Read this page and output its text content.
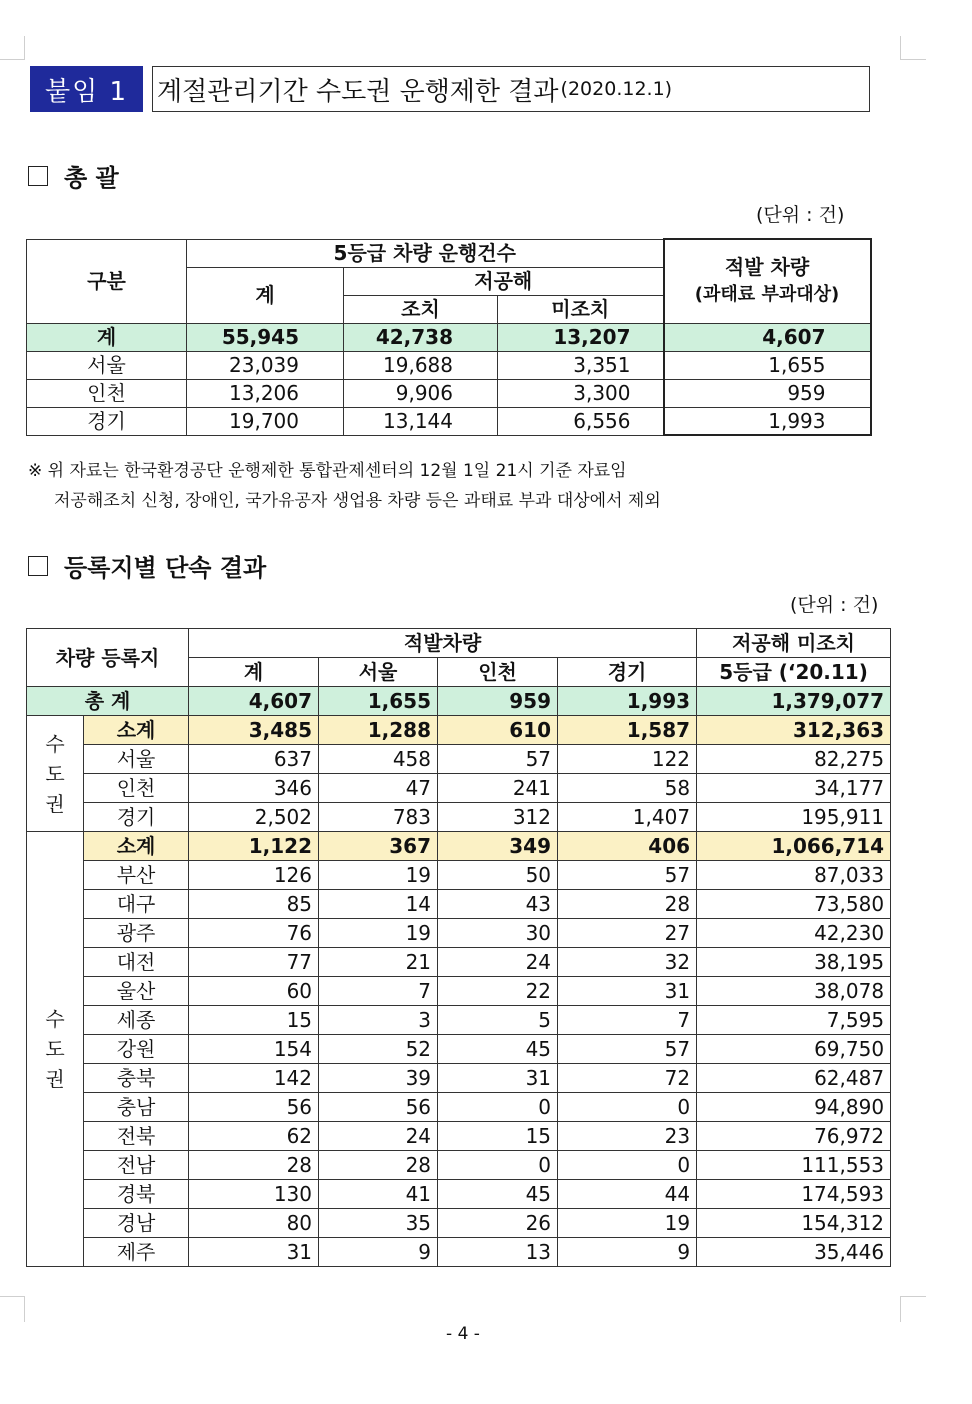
붙임 1	계절관리기간 수도권 운행제한 결과 (2020.12.1)
총 괄
(단위 : 건)
구분	5등급 차량 운행건수			적발 차량
(과태료 부과대상)

	계	저공해		
		조치	미조치	
계	55,945	42,738	13,207	4,607
서울	23,039	19,688	3,351	1,655
인천	13,206	9,906	3,300	959
경기	19,700	13,144	6,556	1,993
※ 위 자료는 한국환경공단 운행제한 통합관제센터의 12월 1일 21시 기준 자료임
저공해조치 신청, 장애인, 국가유공자 생업용 차량 등은 과태료 부과 대상에서 제외
등록지별 단속 결과
(단위 : 건)
차량 등록지		적발차량				저공해 미조치
		계	서울	인천	경기	5등급 (‘20.11)
총 계		4,607	1,655	959	1,993	1,379,077
수
도
권	소계	3,485	1,288	610	1,587	312,363
	서울	637	458	57	122	82,275
	인천	346	47	241	58	34,177
	경기	2,502	783	312	1,407	195,911
수
도
권	소계	1,122	367	349	406	1,066,714
	부산	126	19	50	57	87,033
	대구	85	14	43	28	73,580
	광주	76	19	30	27	42,230
	대전	77	21	24	32	38,195
	울산	60	7	22	31	38,078
	세종	15	3	5	7	7,595
	강원	154	52	45	57	69,750
	충북	142	39	31	72	62,487
	충남	56	56	0	0	94,890
	전북	62	24	15	23	76,972
	전남	28	28	0	0	111,553
	경북	130	41	45	44	174,593
	경남	80	35	26	19	154,312
	제주	31	9	13	9	35,446
- 4 -
